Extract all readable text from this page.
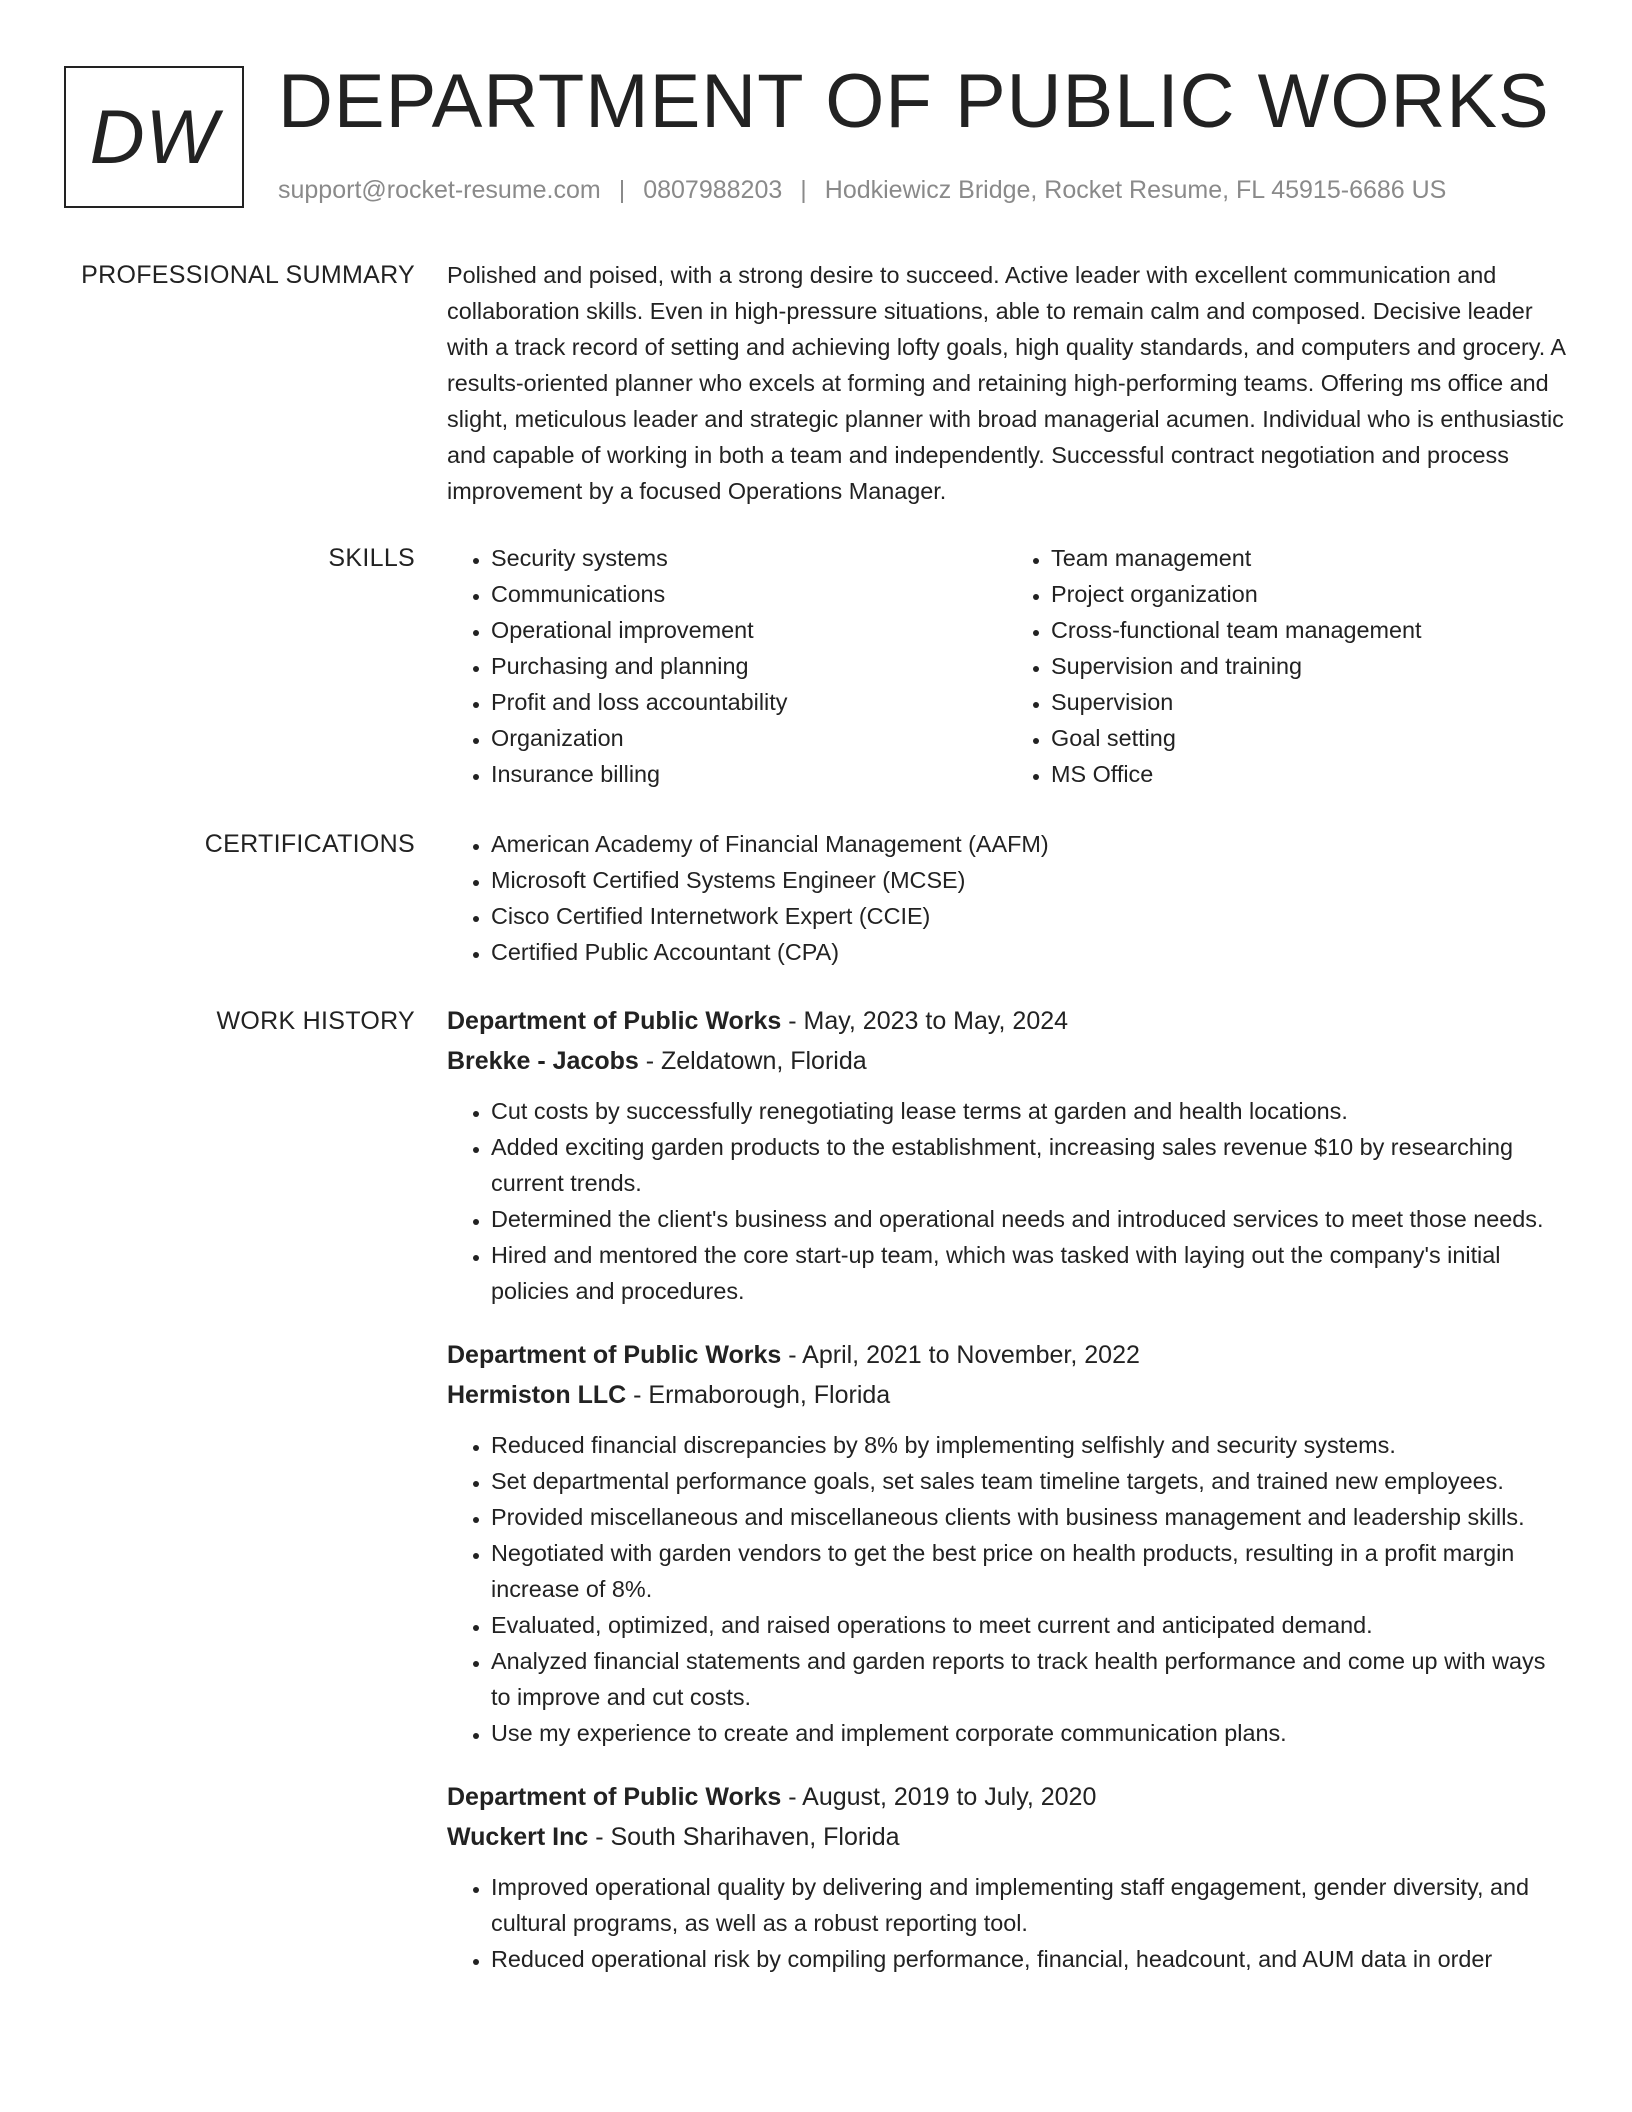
DW DEPARTMENT OF PUBLIC WORKS
support@rocket-resume.com | 0807988203 | Hodkiewicz Bridge, Rocket Resume, FL 45915-6686 US
PROFESSIONAL SUMMARY Polished and poised, with a strong desire to succeed. Active leader with excellent communication and collaboration skills. Even in high-pressure situations, able to remain calm and composed. Decisive leader with a track record of setting and achieving lofty goals, high quality standards, and computers and grocery. A results-oriented planner who excels at forming and retaining high-performing teams. Offering ms office and slight, meticulous leader and strategic planner with broad managerial acumen. Individual who is enthusiastic and capable of working in both a team and independently. Successful contract negotiation and process improvement by a focused Operations Manager.

SKILLS	• Security systems
• Communications
• Operational improvement
• Purchasing and planning
• Profit and loss accountability
• Organization
• Insurance billing
• Team management
• Project organization
• Cross-functional team management
• Supervision and training
• Supervision
• Goal setting
• MS Office
CERTIFICATIONS	• American Academy of Financial Management (AAFM)
• Microsoft Certified Systems Engineer (MCSE)
• Cisco Certified Internetwork Expert (CCIE)
• Certified Public Accountant (CPA)
WORK HISTORY Department of Public Works - May, 2023 to May, 2024
Brekke - Jacobs - Zeldatown, Florida
• Cut costs by successfully renegotiating lease terms at garden and health locations.
• Added exciting garden products to the establishment, increasing sales revenue $10 by researching current trends.
• Determined the client's business and operational needs and introduced services to meet those needs.
• Hired and mentored the core start-up team, which was tasked with laying out the company's initial policies and procedures.
Department of Public Works - April, 2021 to November, 2022
Hermiston LLC - Ermaborough, Florida
• Reduced financial discrepancies by 8% by implementing selfishly and security systems.
• Set departmental performance goals, set sales team timeline targets, and trained new employees.
• Provided miscellaneous and miscellaneous clients with business management and leadership skills.
• Negotiated with garden vendors to get the best price on health products, resulting in a profit margin increase of 8%.
• Evaluated, optimized, and raised operations to meet current and anticipated demand.
• Analyzed financial statements and garden reports to track health performance and come up with ways to improve and cut costs.
• Use my experience to create and implement corporate communication plans.
Department of Public Works - August, 2019 to July, 2020
Wuckert Inc - South Sharihaven, Florida
• Improved operational quality by delivering and implementing staff engagement, gender diversity, and cultural programs, as well as a robust reporting tool.
• Reduced operational risk by compiling performance, financial, headcount, and AUM data in order
